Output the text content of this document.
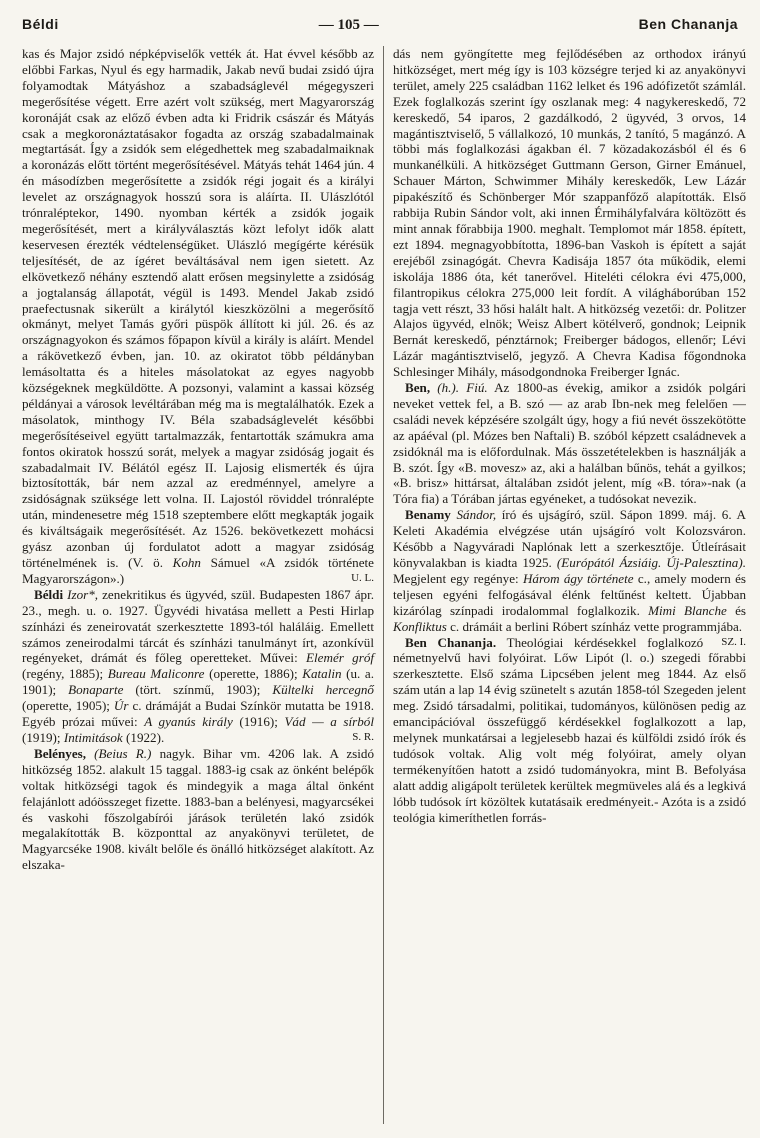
Béldi	— 105 —	Ben Chananja

kas és Major zsidó népképviselők vették át. Hat évvel később az előbbi Farkas, Nyul és egy harmadik, Jakab nevű budai zsidó újra folyamodtak Mátyáshoz a szabadságlevél mégegyszeri megerősítése végett. Erre azért volt szükség, mert Magyarország koronáját csak az előző évben adta ki Fridrik császár és Mátyás csak a megkoronáztatásakor fogadta az ország szabadalmainak megtartását. Így a zsidók sem elégedhettek meg szabadalmaiknak a koronázás előtt történt megerősítésével. Mátyás tehát 1464 jún. 4 én másodízben megerősítette a zsidók régi jogait és a királyi levelet az országnagyok hosszú sora is aláírta. II. Ulászlótól trónraléptekor, 1490. nyomban kérték a zsidók jogaik megerősítését, mert a királyválasztás közt lefolyt idők alatt keservesen érezték védtelenségüket. Ulászló megígérte kérésük teljesítését, de az ígéret beváltásával nem igen sietett. Az elkövetkező néhány esztendő alatt erősen megsinylette a zsidóság a jogtalanság állapotát, végül is 1493. Mendel Jakab zsidó praefectusnak sikerült a királytól kieszközölni a megerősítő okmányt, melyet Tamás győri püspök állított ki júl. 26. és az országnagyokon és számos főpapon kívül a király is aláírt. Mendel a rákövetkező évben, jan. 10. az okiratot több példányban lemásoltatta és a hiteles másolatokat az egyes nagyobb községeknek megküldötte. A pozsonyi, valamint a kassai község példányai a városok levéltárában még ma is megtalálhatók. Ezek a másolatok, minthogy IV. Béla szabadságlevelét későbbi megerősítéseivel együtt tartalmazzák, fentartották számukra ama fontos okiratok hosszú sorát, melyek a magyar zsidóság jogait és szabadalmait IV. Bélától egész II. Lajosig elismerték és újra biztosították, bár nem azzal az eredménnyel, amelyre a zsidóságnak szüksége lett volna. II. Lajostól röviddel trónralépte után, mindenesetre még 1518 szeptembere előtt megkapták jogaik és kiváltságaik megerősítését. Az 1526. bekövetkezett mohácsi gyász azonban új fordulatot adott a magyar zsidóság történelmének is. (V. ö. Kohn Sámuel «A zsidók története Magyarországon».)	U. L.

Béldi Izor*, zenekritikus és ügyvéd, szül. Budapesten 1867 ápr. 23., megh. u. o. 1927. Ügyvédi hivatása mellett a Pesti Hirlap színházi és zeneirovatát szerkesztette 1893-tól haláláig. Emellett számos zeneirodalmi tárcát és színházi tanulmányt írt, azonkívül regényeket, drámát és főleg operetteket. Művei: Elemér gróf (regény, 1885); Bureau Maliconre (operette, 1886); Katalin (u. a. 1901); Bonaparte (tört. színmű, 1903); Kültelki hercegnő (operette, 1905); Úr c. drámáját a Budai Színkör mutatta be 1918. Egyéb prózai művei: A gyanús király (1916); Vád — a sírból (1919); Intimitások (1922).	S. R.

Belényes, (Beius R.) nagyk. Bihar vm. 4206 lak. A zsidó hitközség 1852. alakult 15 taggal. 1883-ig csak az önként belépők voltak hitközségi tagok és mindegyik a maga által önként felajánlott adóösszeget fizette. 1883-ban a belényesi, magyarcsékei és vaskohi főszolgabírói járások területén lakó zsidók megalakították B. központtal az anyakönyvi területet, de Magyarcséke 1908. kivált belőle és önálló hitközséget alakított. Az elszaka-

dás nem gyöngítette meg fejlődésében az orthodox irányú hitközséget, mert még így is 103 községre terjed ki az anyakönyvi terület, amely 225 családban 1162 lelket és 196 adófizetőt számlál. Ezek foglalkozás szerint így oszlanak meg: 4 nagykereskedő, 72 kereskedő, 54 iparos, 2 gazdálkodó, 2 ügyvéd, 3 orvos, 14 magántisztviselő, 5 vállalkozó, 10 munkás, 2 tanító, 5 magánzó. A többi más foglalkozási ágakban él. 7 közadakozásból él és 6 munkanélküli. A hitközséget Guttmann Gerson, Girner Emánuel, Schauer Márton, Schwimmer Mihály kereskedők, Lew Lázár pipakészítő és Schönberger Mór szappanfőző alapították. Első rabbija Rubin Sándor volt, aki innen Érmihályfalvára költözött és mint annak főrabbija 1900. meghalt. Templomot már 1858. épített, ezt 1894. megnagyobbította, 1896-ban Vaskoh is épített a saját erejéből zsinagógát. Chevra Kadisája 1857 óta működik, elemi iskolája 1886 óta, két tanerővel. Hiteléti célokra évi 475,000, filantropikus célokra 275,000 leit fordít. A világháborúban 152 tagja vett részt, 33 hősi halált halt. A hitközség vezetői: dr. Politzer Alajos ügyvéd, elnök; Weisz Albert kötélverő, gondnok; Leipnik Bernát kereskedő, pénztárnok; Freiberger bádogos, ellenőr; Lévi Lázár magántisztviselő, jegyző. A Chevra Kadisa főgondnoka Schlesinger Mihály, másodgondnoka Freiberger Ignác.

Ben, (h.). Fiú. Az 1800-as évekig, amikor a zsidók polgári neveket vettek fel, a B. szó — az arab Ibn-nek meg felelően — családi nevek képzésére szolgált úgy, hogy a fiú nevét összekötötte az apáéval (pl. Mózes ben Naftali) B. szóból képzett családnevek a zsidóknál ma is előfordulnak. Más összetételekben is használják a B. szót. Így «B. movesz» az, aki a halálban bűnös, tehát a gyilkos; «B. brisz» hittársat, általában zsidót jelent, míg «B. tóra»-nak (a Tóra fia) a Tórában jártas egyéneket, a tudósokat nevezik.

Benamy Sándor, író és ujságíró, szül. Sápon 1899. máj. 6. A Keleti Akadémia elvégzése után ujságíró volt Kolozsváron. Később a Nagyváradi Naplónak lett a szerkesztője. Útleírásait könyvalakban is kiadta 1925. (Európától Ázsiáig. Új-Palesztina). Megjelent egy regénye: Három ágy története c., amely modern és teljesen egyéni felfogásával élénk feltűnést keltett. Újabban kizárólag színpadi irodalommal foglalkozik. Mimi Blanche és Konfliktus c. drámáit a berlini Róbert színház vette programmjába.
SZ. I.

Ben Chananja. Theológiai kérdésekkel foglalkozó németnyelvű havi folyóirat. Lőw Lipót (l. o.) szegedi főrabbi szerkesztette. Első száma Lipcsében jelent meg 1844. Az első szám után a lap 14 évig szünetelt s azután 1858-tól Szegeden jelent meg. Zsidó társadalmi, politikai, tudományos, különösen pedig az emancipációval összefüggő kérdésekkel foglalkozott a lap, melynek munkatársai a legjelesebb hazai és külföldi zsidó írók és tudósok voltak. Alig volt még folyóirat, amely olyan termékenyítően hatott a zsidó tudományokra, mint B. Befolyása alatt addig aligápolt területek kerültek megmüveles alá és a legkivá lóbb tudósok írt közöltek kutatásaik eredményeit.- Azóta is a zsidó teológia kimeríthetlen forrás-
